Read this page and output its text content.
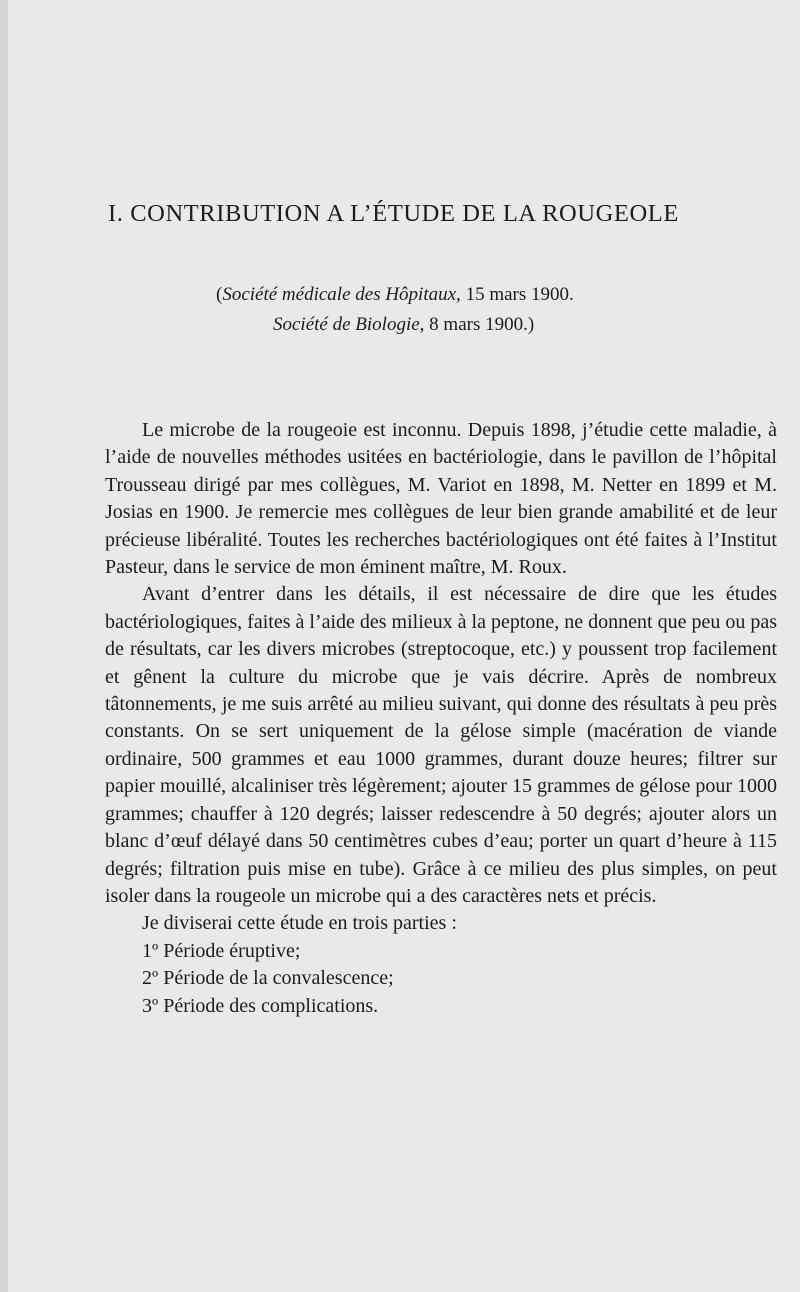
I. CONTRIBUTION A L’ÉTUDE DE LA ROUGEOLE
(Société médicale des Hôpitaux, 15 mars 1900.
Société de Biologie, 8 mars 1900.)

Le microbe de la rougeoie est inconnu. Depuis 1898, j’étudie cette maladie, à l’aide de nouvelles méthodes usitées en bactériologie, dans le pavillon de l’hôpital Trousseau dirigé par mes collègues, M. Variot en 1898, M. Netter en 1899 et M. Josias en 1900. Je remercie mes collègues de leur bien grande amabilité et de leur précieuse libéralité. Toutes les recherches bactériologiques ont été faites à l’Institut Pasteur, dans le service de mon éminent maître, M. Roux.

Avant d’entrer dans les détails, il est nécessaire de dire que les études bactériologiques, faites à l’aide des milieux à la peptone, ne donnent que peu ou pas de résultats, car les divers microbes (streptocoque, etc.) y poussent trop facilement et gênent la culture du microbe que je vais décrire. Après de nombreux tâtonnements, je me suis arrêté au milieu suivant, qui donne des résultats à peu près constants. On se sert uniquement de la gélose simple (macération de viande ordinaire, 500 grammes et eau 1000 grammes, durant douze heures; filtrer sur papier mouillé, alcaliniser très légèrement; ajouter 15 grammes de gélose pour 1000 grammes; chauffer à 120 degrés; laisser redescendre à 50 degrés; ajouter alors un blanc d’œuf délayé dans 50 centimètres cubes d’eau; porter un quart d’heure à 115 degrés; filtration puis mise en tube). Grâce à ce milieu des plus simples, on peut isoler dans la rougeole un microbe qui a des caractères nets et précis.

Je diviserai cette étude en trois parties :

1º Période éruptive;

2º Période de la convalescence;

3º Période des complications.
